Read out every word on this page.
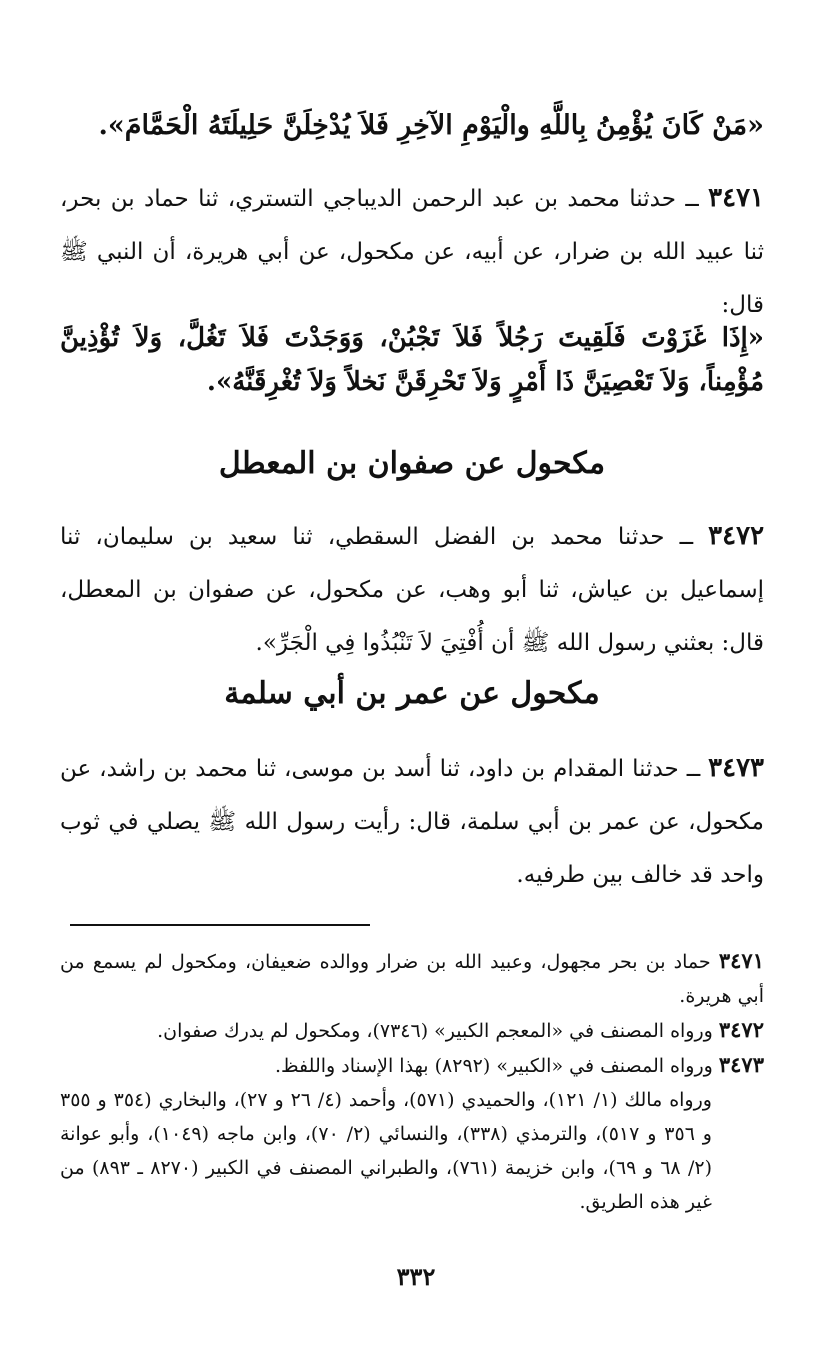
«مَنْ كَانَ يُؤْمِنُ بِاللَّهِ والْيَوْمِ الآخِرِ فَلاَ يُدْخِلَنَّ حَلِيلَتَهُ الْحَمَّامَ».
٣٤٧١ ــ حدثنا محمد بن عبد الرحمن الديباجي التستري، ثنا حماد بن بحر، ثنا عبيد الله بن ضرار، عن أبيه، عن مكحول، عن أبي هريرة، أن النبي ﷺ قال:
«إِذَا غَزَوْتَ فَلَقِيتَ رَجُلاً فَلاَ تَجْبُنْ، وَوَجَدْتَ فَلاَ تَغُلَّ، وَلاَ تُؤْذِينَّ مُؤْمِناً، وَلاَ تَعْصِيَنَّ ذَا أَمْرٍ وَلاَ تَحْرِقَنَّ نَخلاً وَلاَ تُغْرِقَنَّهُ».
مكحول عن صفوان بن المعطل
٣٤٧٢ ــ حدثنا محمد بن الفضل السقطي، ثنا سعيد بن سليمان، ثنا إسماعيل بن عياش، ثنا أبو وهب، عن مكحول، عن صفوان بن المعطل، قال: بعثني رسول الله ﷺ أن أُفْتِيَ لاَ تَنْبُذُوا فِي الْجَرِّ».
مكحول عن عمر بن أبي سلمة
٣٤٧٣ ــ حدثنا المقدام بن داود، ثنا أسد بن موسى، ثنا محمد بن راشد، عن مكحول، عن عمر بن أبي سلمة، قال: رأيت رسول الله ﷺ يصلي في ثوب واحد قد خالف بين طرفيه.
٣٤٧١ حماد بن بحر مجهول، وعبيد الله بن ضرار ووالده ضعيفان، ومكحول لم يسمع من أبي هريرة.
٣٤٧٢ ورواه المصنف في «المعجم الكبير» (٧٣٤٦)، ومكحول لم يدرك صفوان.
٣٤٧٣ ورواه المصنف في «الكبير» (٨٢٩٢) بهذا الإسناد واللفظ.
ورواه مالك (١/ ١٢١)، والحميدي (٥٧١)، وأحمد (٤/ ٢٦ و ٢٧)، والبخاري (٣٥٤ و ٣٥٥ و ٣٥٦ و ٥١٧)، والترمذي (٣٣٨)، والنسائي (٢/ ٧٠)، وابن ماجه (١٠٤٩)، وأبو عوانة (٢/ ٦٨ و ٦٩)، وابن خزيمة (٧٦١)، والطبراني المصنف في الكبير (٨٢٧٠ ـ ٨٩٣) من غير هذه الطريق.
٣٣٢
